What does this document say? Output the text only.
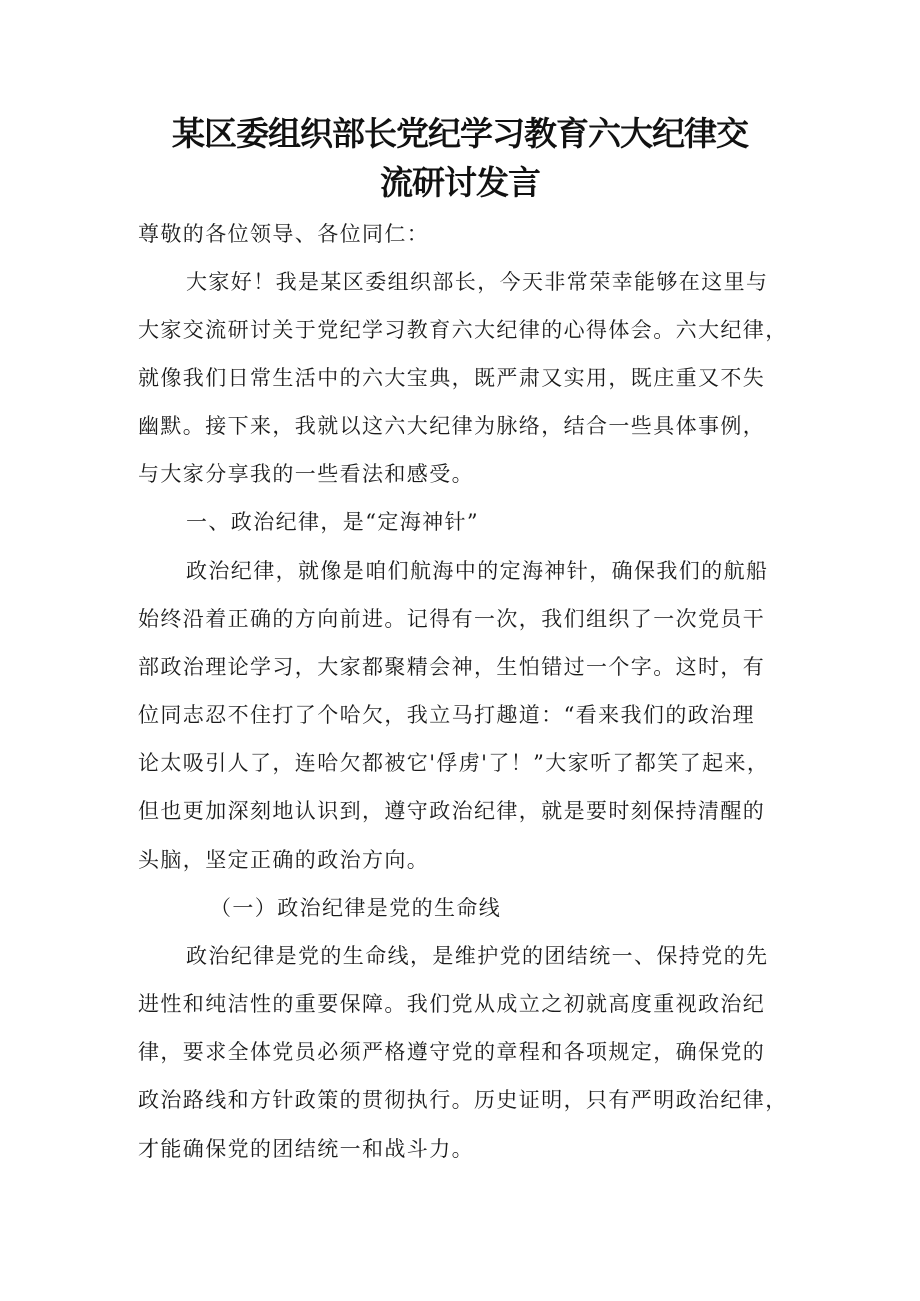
某区委组织部长党纪学习教育六大纪律交
流研讨发言

尊敬的各位领导、各位同仁：

大家好！我是某区委组织部长，今天非常荣幸能够在这里与

大家交流研讨关于党纪学习教育六大纪律的心得体会。六大纪律，

就像我们日常生活中的六大宝典，既严肃又实用，既庄重又不失

幽默。接下来，我就以这六大纪律为脉络，结合一些具体事例，

与大家分享我的一些看法和感受。

一、政治纪律，是“定海神针”

政治纪律，就像是咱们航海中的定海神针，确保我们的航船

始终沿着正确的方向前进。记得有一次，我们组织了一次党员干

部政治理论学习，大家都聚精会神，生怕错过一个字。这时，有

位同志忍不住打了个哈欠，我立马打趣道：“看来我们的政治理

论太吸引人了，连哈欠都被它'俘虏'了！”大家听了都笑了起来，

但也更加深刻地认识到，遵守政治纪律，就是要时刻保持清醒的

头脑，坚定正确的政治方向。

（一）政治纪律是党的生命线

政治纪律是党的生命线，是维护党的团结统一、保持党的先

进性和纯洁性的重要保障。我们党从成立之初就高度重视政治纪

律，要求全体党员必须严格遵守党的章程和各项规定，确保党的

政治路线和方针政策的贯彻执行。历史证明，只有严明政治纪律，

才能确保党的团结统一和战斗力。
